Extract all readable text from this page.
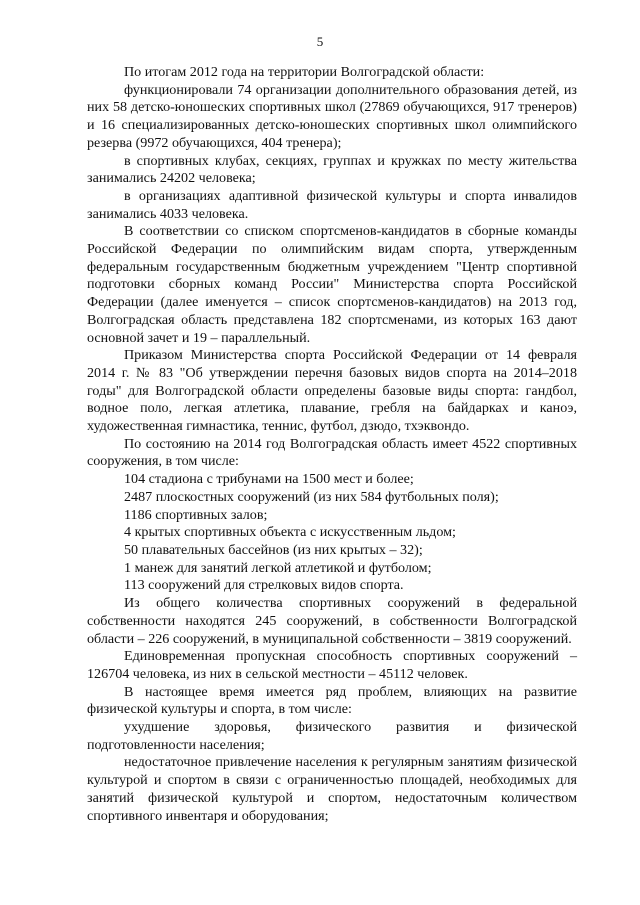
5

По итогам 2012 года на территории Волгоградской области:

функционировали 74 организации дополнительного образования детей, из них 58 детско-юношеских спортивных школ (27869 обучающихся, 917 тренеров) и 16 специализированных детско-юношеских спортивных школ олимпийского резерва (9972 обучающихся, 404 тренера);

в спортивных клубах, секциях, группах и кружках по месту жительства занимались 24202 человека;

в организациях адаптивной физической культуры и спорта инвалидов занимались 4033 человека.

В соответствии со списком спортсменов-кандидатов в сборные команды Российской Федерации по олимпийским видам спорта, утвержденным федеральным государственным бюджетным учреждением "Центр спортивной подготовки сборных команд России" Министерства спорта Российской Федерации (далее именуется – список спортсменов-кандидатов) на 2013 год, Волгоградская область представлена 182 спортсменами, из которых 163 дают основной зачет и 19 – параллельный.

Приказом Министерства спорта Российской Федерации от 14 февраля 2014 г. № 83 "Об утверждении перечня базовых видов спорта на 2014–2018 годы" для Волгоградской области определены базовые виды спорта: гандбол, водное поло, легкая атлетика, плавание, гребля на байдарках и каноэ, художественная гимнастика, теннис, футбол, дзюдо, тхэквондо.

По состоянию на 2014 год Волгоградская область имеет 4522 спортивных сооружения, в том числе:

104 стадиона с трибунами на 1500 мест и более;

2487 плоскостных сооружений (из них 584 футбольных поля);

1186 спортивных залов;

4 крытых спортивных объекта с искусственным льдом;

50 плавательных бассейнов (из них крытых – 32);

1 манеж для занятий легкой атлетикой и футболом;

113 сооружений для стрелковых видов спорта.

Из общего количества спортивных сооружений в федеральной собственности находятся 245 сооружений, в собственности Волгоградской области – 226 сооружений, в муниципальной собственности – 3819 сооружений.

Единовременная пропускная способность спортивных сооружений – 126704 человека, из них в сельской местности – 45112 человек.

В настоящее время имеется ряд проблем, влияющих на развитие физической культуры и спорта, в том числе:

ухудшение здоровья, физического развития и физической подготовленности населения;

недостаточное привлечение населения к регулярным занятиям физической культурой и спортом в связи с ограниченностью площадей, необходимых для занятий физической культурой и спортом, недостаточным количеством спортивного инвентаря и оборудования;
